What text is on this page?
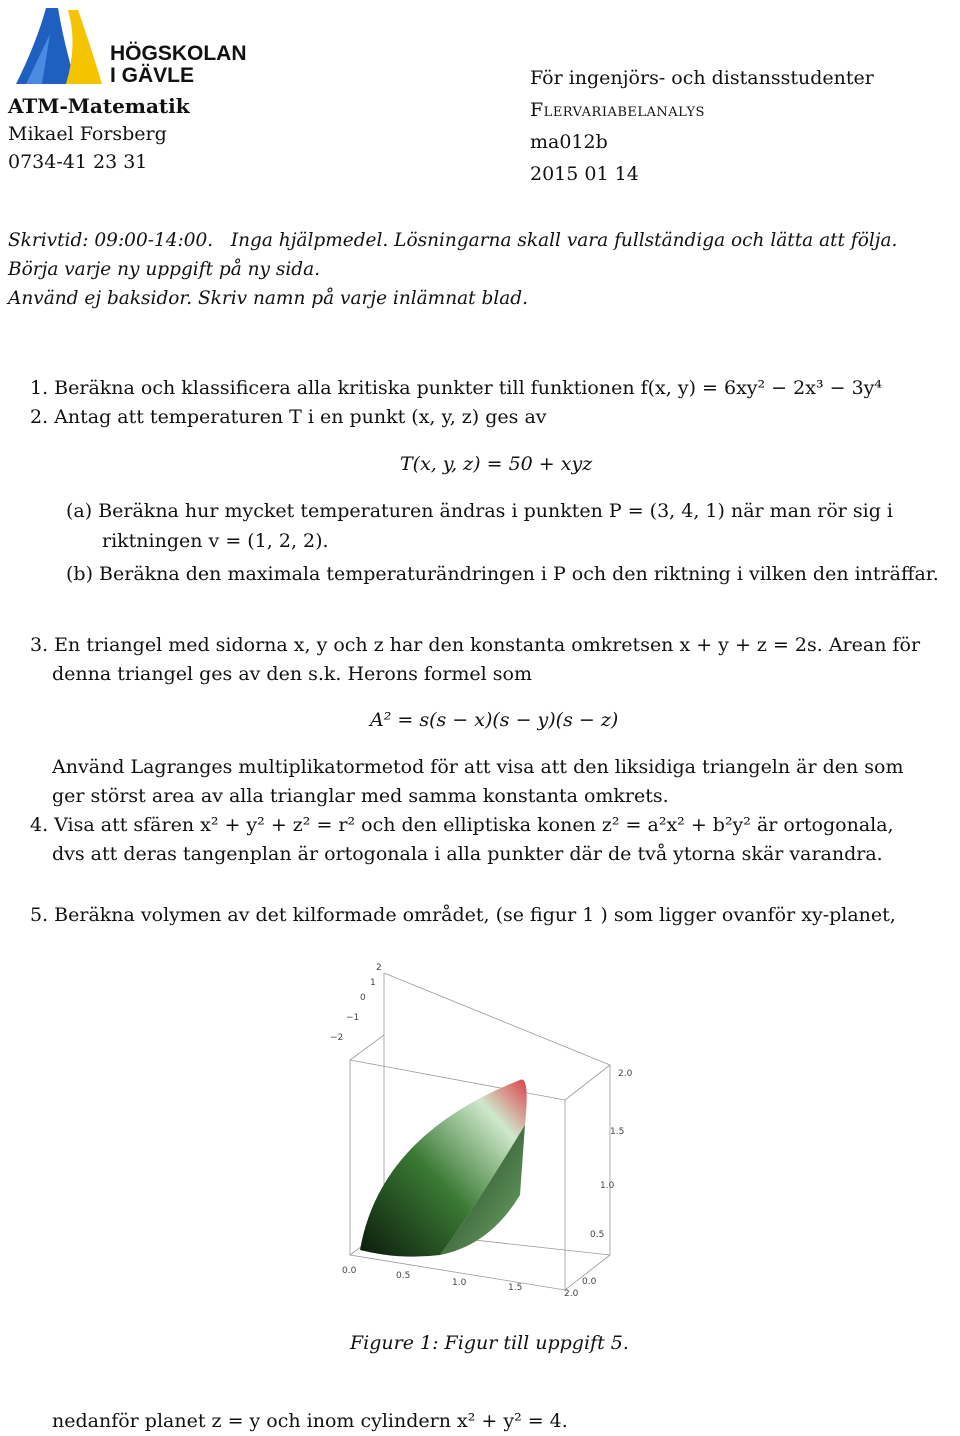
HÖGSKOLAN
I GÄVLE
ATM-Matematik
Mikael Forsberg
0734-41 23 31
För ingenjörs- och distansstudenter
Flervariabelanalys
ma012b
2015 01 14
Skrivtid: 09:00-14:00.   Inga hjälpmedel. Lösningarna skall vara fullständiga och lätta att följa.
Börja varje ny uppgift på ny sida.
Använd ej baksidor. Skriv namn på varje inlämnat blad.
1. Beräkna och klassificera alla kritiska punkter till funktionen f(x, y) = 6xy² − 2x³ − 3y⁴
2. Antag att temperaturen T i en punkt (x, y, z) ges av
T(x, y, z) = 50 + xyz
(a) Beräkna hur mycket temperaturen ändras i punkten P = (3, 4, 1) när man rör sig i
riktningen v = (1, 2, 2).
(b) Beräkna den maximala temperaturändringen i P och den riktning i vilken den inträffar.
3. En triangel med sidorna x, y och z har den konstanta omkretsen x + y + z = 2s. Arean för
denna triangel ges av den s.k. Herons formel som
A² = s(s − x)(s − y)(s − z)
Använd Lagranges multiplikatormetod för att visa att den liksidiga triangeln är den som
ger störst area av alla trianglar med samma konstanta omkrets.
4. Visa att sfären x² + y² + z² = r² och den elliptiska konen z² = a²x² + b²y² är ortogonala,
dvs att deras tangenplan är ortogonala i alla punkter där de två ytorna skär varandra.
5. Beräkna volymen av det kilformade området, (se figur 1 ) som ligger ovanför xy-planet,
2
1
0
−1
−2
2.0
1.5
1.0
0.5
0.0
0.0	0.5
1.0	1.5
2.0
Figure 1: Figur till uppgift 5.
nedanför planet z = y och inom cylindern x² + y² = 4.
